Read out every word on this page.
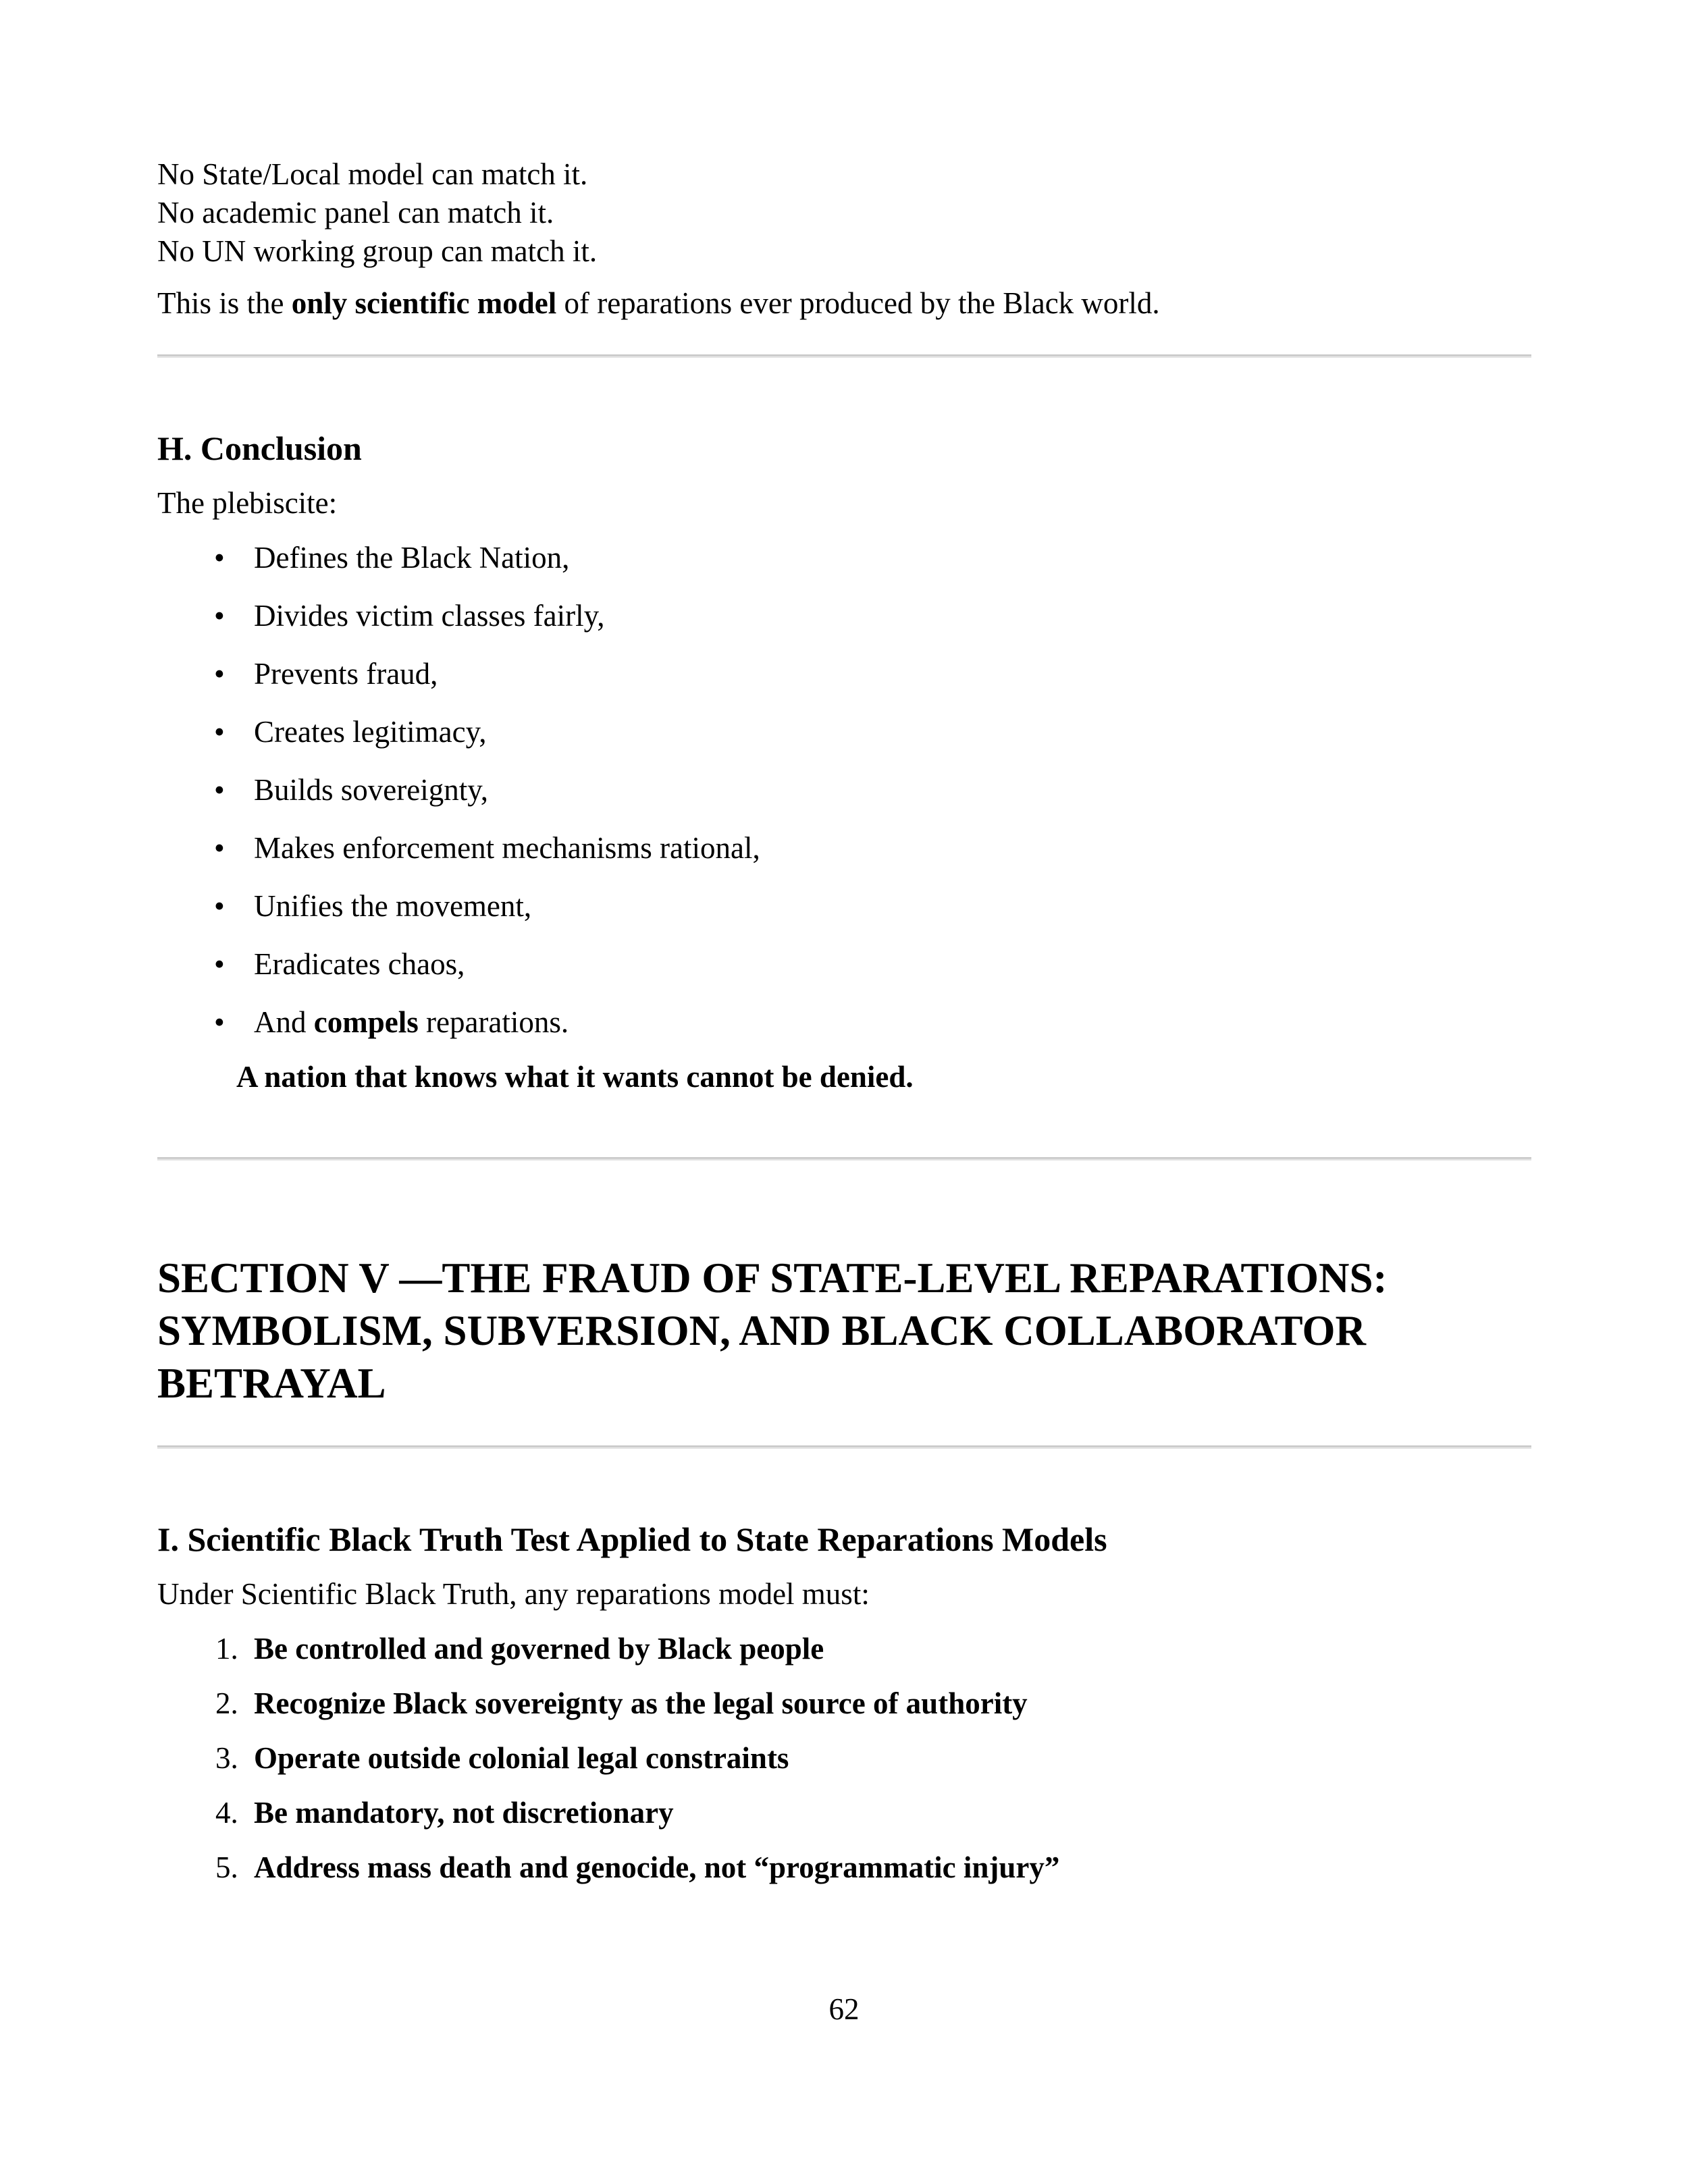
No State/Local model can match it.

No academic panel can match it.

No UN working group can match it.

This is the only scientific model of reparations ever produced by the Black world.

H. Conclusion

The plebiscite:

• Defines the Black Nation,
• Divides victim classes fairly,
• Prevents fraud,
• Creates legitimacy,
• Builds sovereignty,
• Makes enforcement mechanisms rational,
• Unifies the movement,
• Eradicates chaos,
• And compels reparations.

A nation that knows what it wants cannot be denied.

SECTION V —THE FRAUD OF STATE-LEVEL REPARATIONS: SYMBOLISM, SUBVERSION, AND BLACK COLLABORATOR BETRAYAL
I. Scientific Black Truth Test Applied to State Reparations Models

Under Scientific Black Truth, any reparations model must:

1. Be controlled and governed by Black people
2. Recognize Black sovereignty as the legal source of authority
3. Operate outside colonial legal constraints
4. Be mandatory, not discretionary
5. Address mass death and genocide, not “programmatic injury”
62
